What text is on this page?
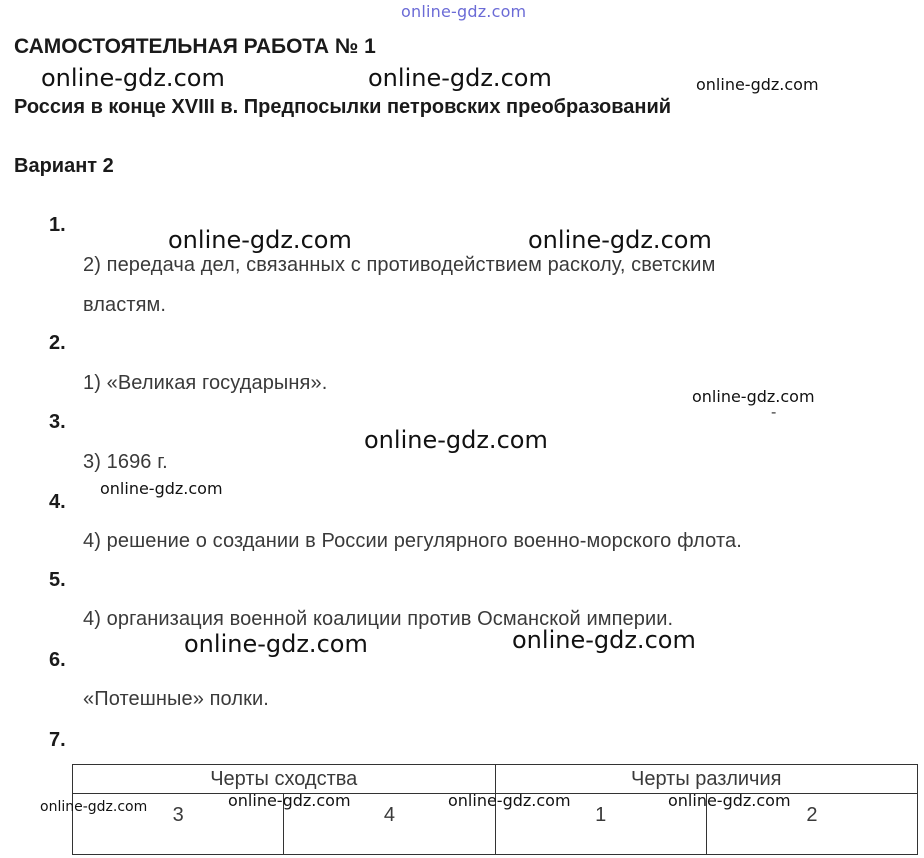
online-gdz.com
САМОСТОЯТЕЛЬНАЯ РАБОТА № 1
Россия в конце XVIII в. Предпосылки петровских преобразований
Вариант 2
1.
2) передача дел, связанных с противодействием расколу, светским
властям.
2.
1) «Великая государыня».
3.
3) 1696 г.
4.
4) решение о создании в России регулярного военно-морского флота.
5.
4) организация военной коалиции против Османской империи.
6.
«Потешные» полки.
7.
-
Черты сходства		Черты различия	
3	4	1	2
online-gdz.com	online-gdz.com	online-gdz.com
online-gdz.com	online-gdz.com
online-gdz.com
online-gdz.com
online-gdz.com
online-gdz.com	online-gdz.com
online-gdz.com	online-gdz.com	online-gdz.com
online-gdz.com
